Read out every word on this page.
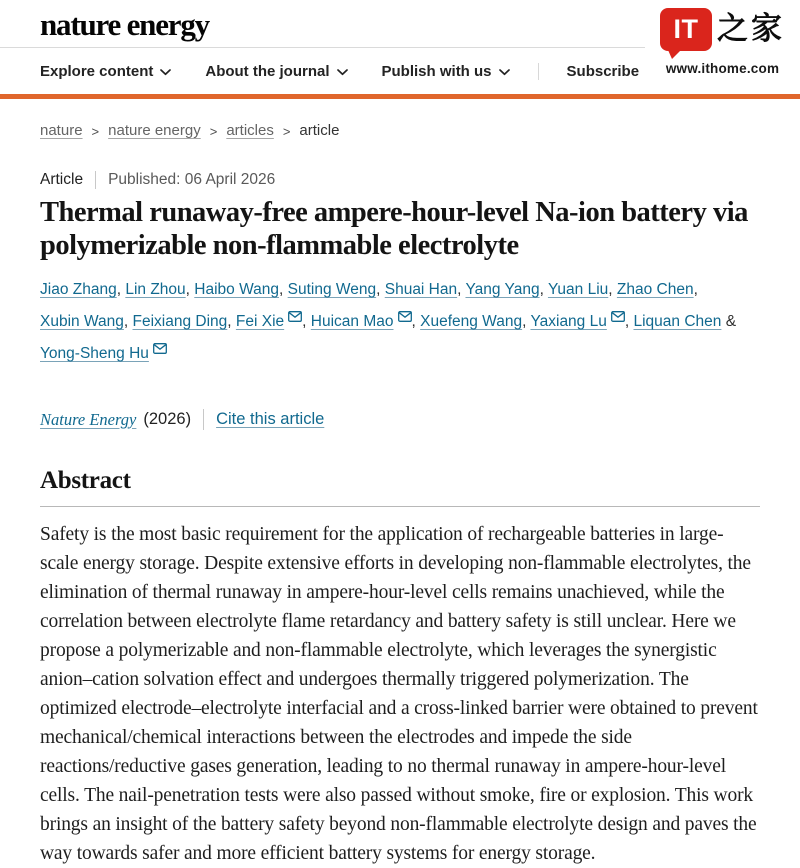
nature energy
Explore content	About the journal	Publish with us	Subscribe
IT 之家
www.ithome.com
nature > nature energy > articles > article
Article Published: 06 April 2026
Thermal runaway-free ampere-hour-level Na-ion battery via polymerizable non-flammable electrolyte

Jiao Zhang, Lin Zhou, Haibo Wang, Suting Weng, Shuai Han, Yang Yang, Yuan Liu, Zhao Chen, Xubin Wang, Feixiang Ding, Fei Xie , Huican Mao , Xuefeng Wang, Yaxiang Lu , Liquan Chen & Yong-Sheng Hu

Nature Energy (2026) Cite this article
Abstract

Safety is the most basic requirement for the application of rechargeable batteries in large-scale energy storage. Despite extensive efforts in developing non-flammable electrolytes, the elimination of thermal runaway in ampere-hour-level cells remains unachieved, while the correlation between electrolyte flame retardancy and battery safety is still unclear. Here we propose a polymerizable and non-flammable electrolyte, which leverages the synergistic anion–cation solvation effect and undergoes thermally triggered polymerization. The optimized electrode–electrolyte interfacial and a cross-linked barrier were obtained to prevent mechanical/chemical interactions between the electrodes and impede the side reactions/reductive gases generation, leading to no thermal runaway in ampere-hour-level cells. The nail-penetration tests were also passed without smoke, fire or explosion. This work brings an insight of the battery safety beyond non-flammable electrolyte design and paves the way towards safer and more efficient battery systems for energy storage.
